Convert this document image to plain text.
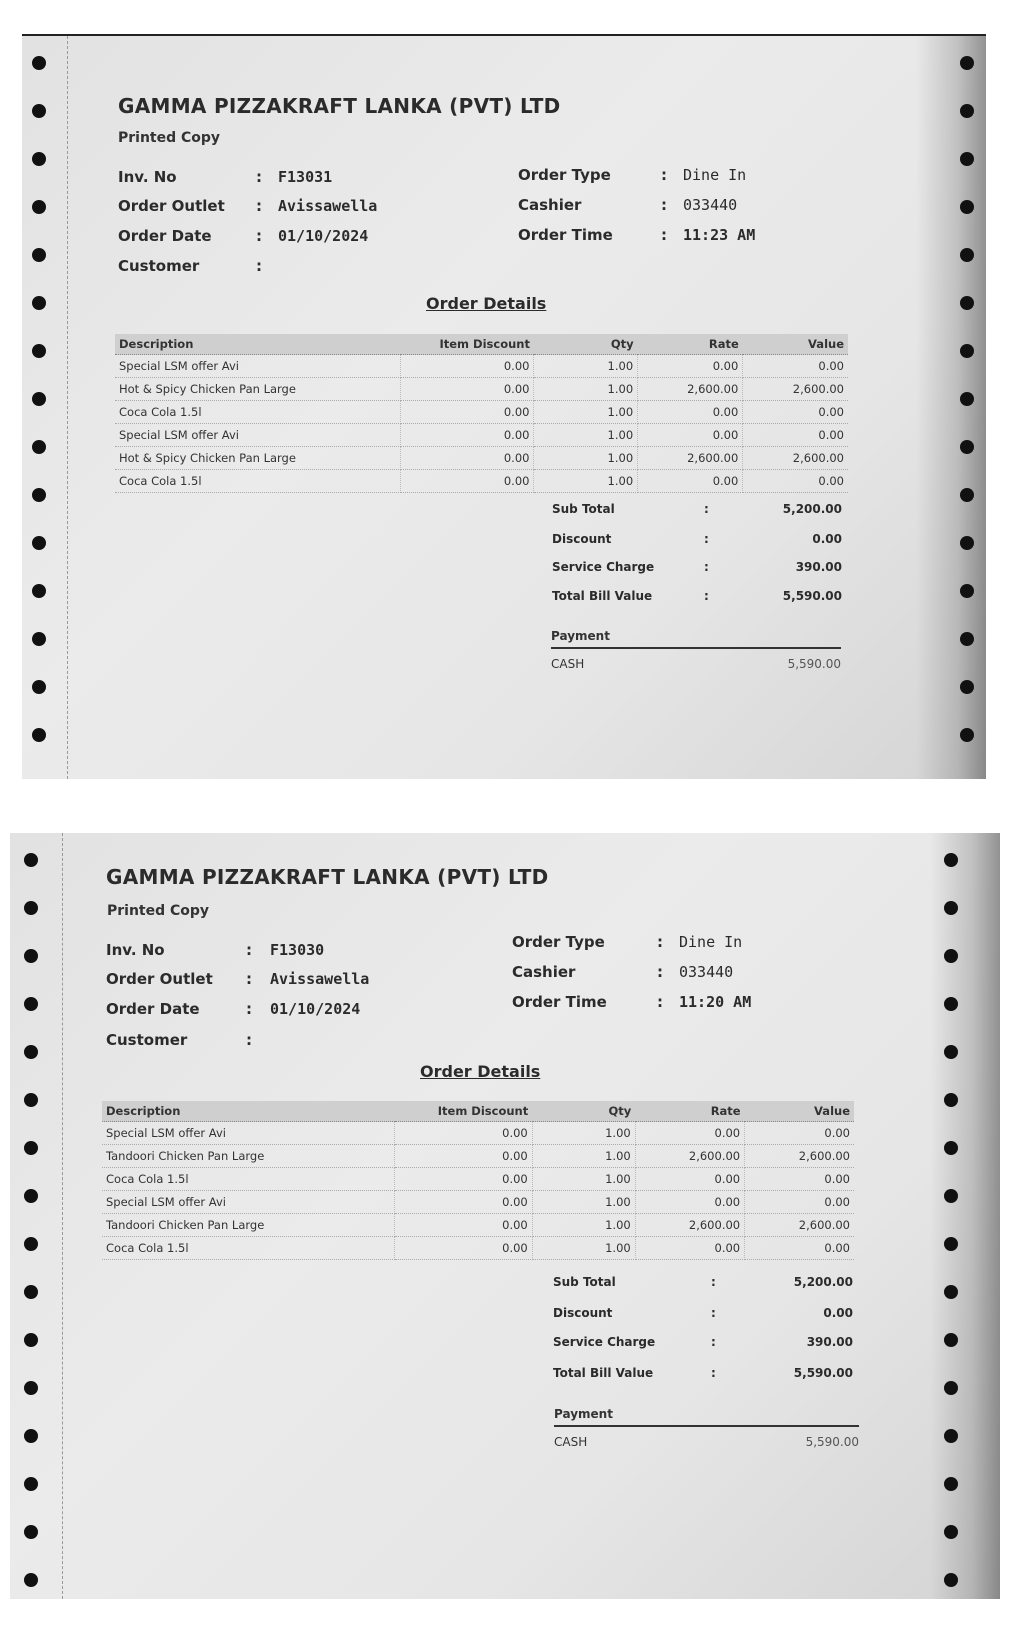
GAMMA PIZZAKRAFT LANKA (PVT) LTD
Printed Copy
Inv. No	: F13031
Order Outlet : Avissawella
Order Date	: 01/10/2024
Customer	:
Order Type	: Dine In
Cashier	: 033440
Order Time	: 11:23 AM
Order Details
Description	Item Discount	Qty	Rate	Value
Special LSM offer Avi	0.00	1.00	0.00	0.00
Hot & Spicy Chicken Pan Large	0.00	1.00	2,600.00	2,600.00
Coca Cola 1.5l	0.00	1.00	0.00	0.00
Special LSM offer Avi	0.00	1.00	0.00	0.00
Hot & Spicy Chicken Pan Large	0.00	1.00	2,600.00	2,600.00
Coca Cola 1.5l	0.00	1.00	0.00	0.00
Sub Total	:	5,200.00
Discount	:	0.00
Service Charge	:	390.00
Total Bill Value	:	5,590.00
Payment
CASH	5,590.00
GAMMA PIZZAKRAFT LANKA (PVT) LTD
Printed Copy
Inv. No	: F13030
Order Outlet : Avissawella
Order Date	: 01/10/2024
Customer	:
Order Type	: Dine In
Cashier	: 033440
Order Time	: 11:20 AM
Order Details
Description	Item Discount	Qty	Rate	Value
Special LSM offer Avi	0.00	1.00	0.00	0.00
Tandoori Chicken Pan Large	0.00	1.00	2,600.00	2,600.00
Coca Cola 1.5l	0.00	1.00	0.00	0.00
Special LSM offer Avi	0.00	1.00	0.00	0.00
Tandoori Chicken Pan Large	0.00	1.00	2,600.00	2,600.00
Coca Cola 1.5l	0.00	1.00	0.00	0.00
Sub Total	:	5,200.00
Discount	:	0.00
Service Charge	:	390.00
Total Bill Value	:	5,590.00
Payment
CASH	5,590.00
